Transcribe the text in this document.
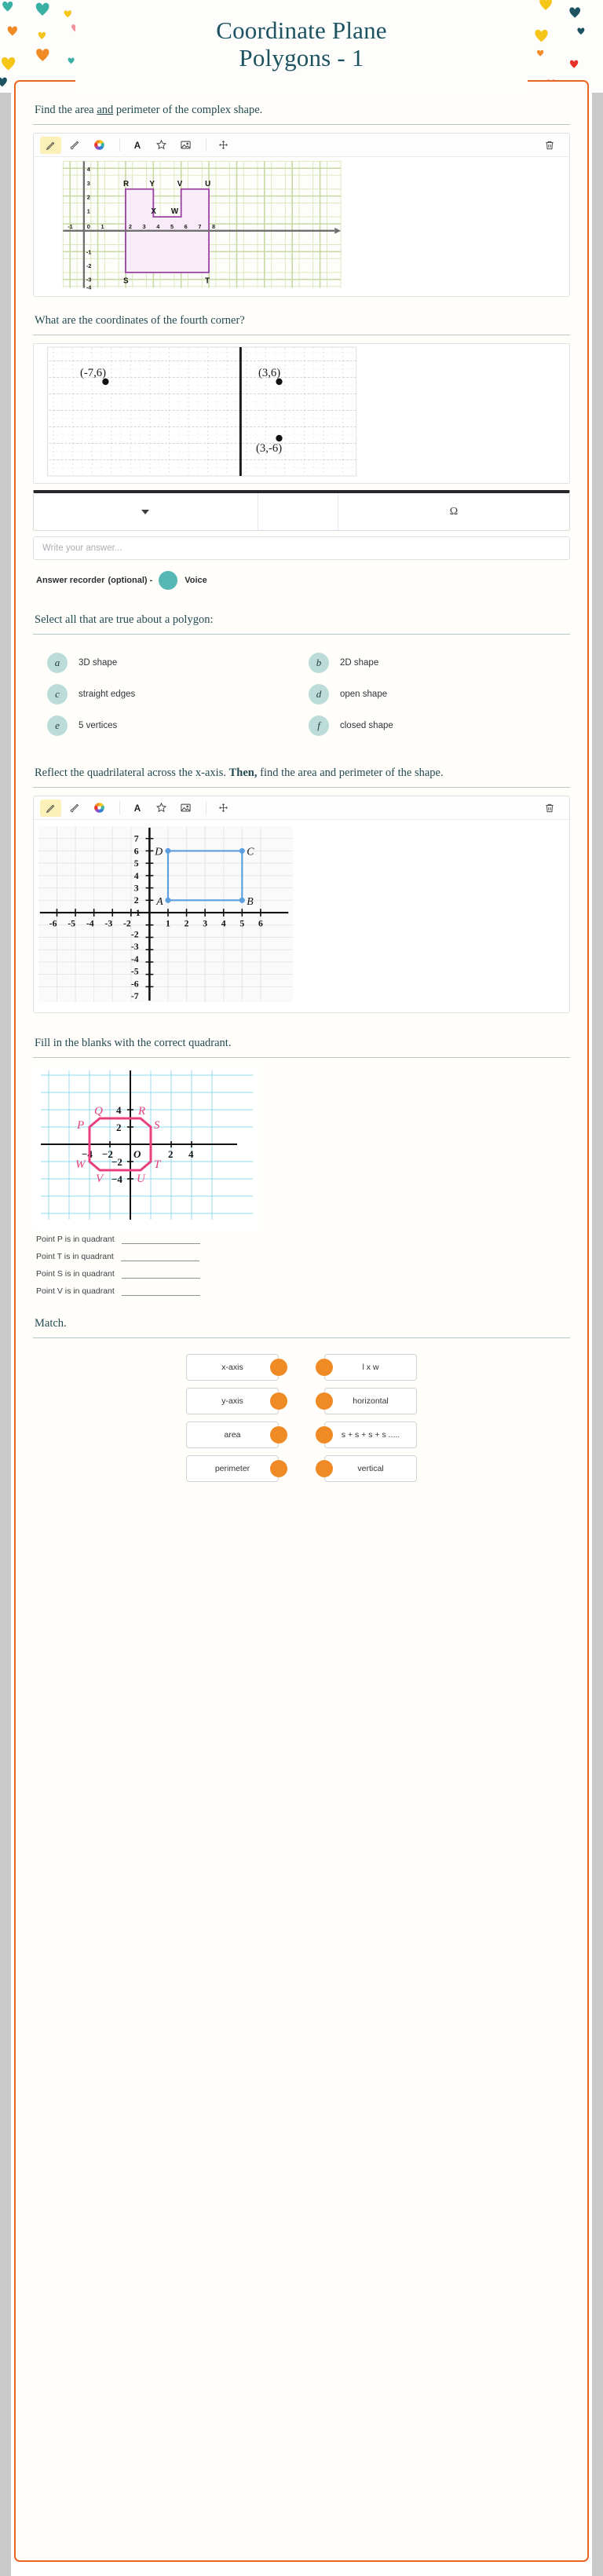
Coordinate Plane
Polygons - 1
Find the area and perimeter of the complex shape.
A
4
3
2
1
-1
-2
-3
-4
-1 0 1	2 3 4 5 6 7 8
R	Y
X W
V	U
S	T
What are the coordinates of the fourth corner?
(-7,6)	(3,6)
(3,-6)
Ω
Write your answer...
Answer recorder (optional) -	Voice
Select all that are true about a polygon:
a	3D shape	b	2D shape
c	straight edges	d	open shape
e	5 vertices	f	closed shape
Reflect the quadrilateral across the x-axis. Then, find the area and perimeter of the shape.
A
7
6
5
4
3
2
1
-2
-3
-4
-5
-6
-7
-6 -5 -4 -3 -2	1 2 3 4 5 6
A	B
C
D
Fill in the blanks with the correct quadrant.
−4 −2	2 4
4
2
−2
−4
O
P
Q	R
S
T
U
V
W
Point P is in quadrant
Point T is in quadrant
Point S is in quadrant
Point V is in quadrant
Match.
x-axis	l x w
y-axis	horizontal
area	s + s + s + s .....
perimeter	vertical
